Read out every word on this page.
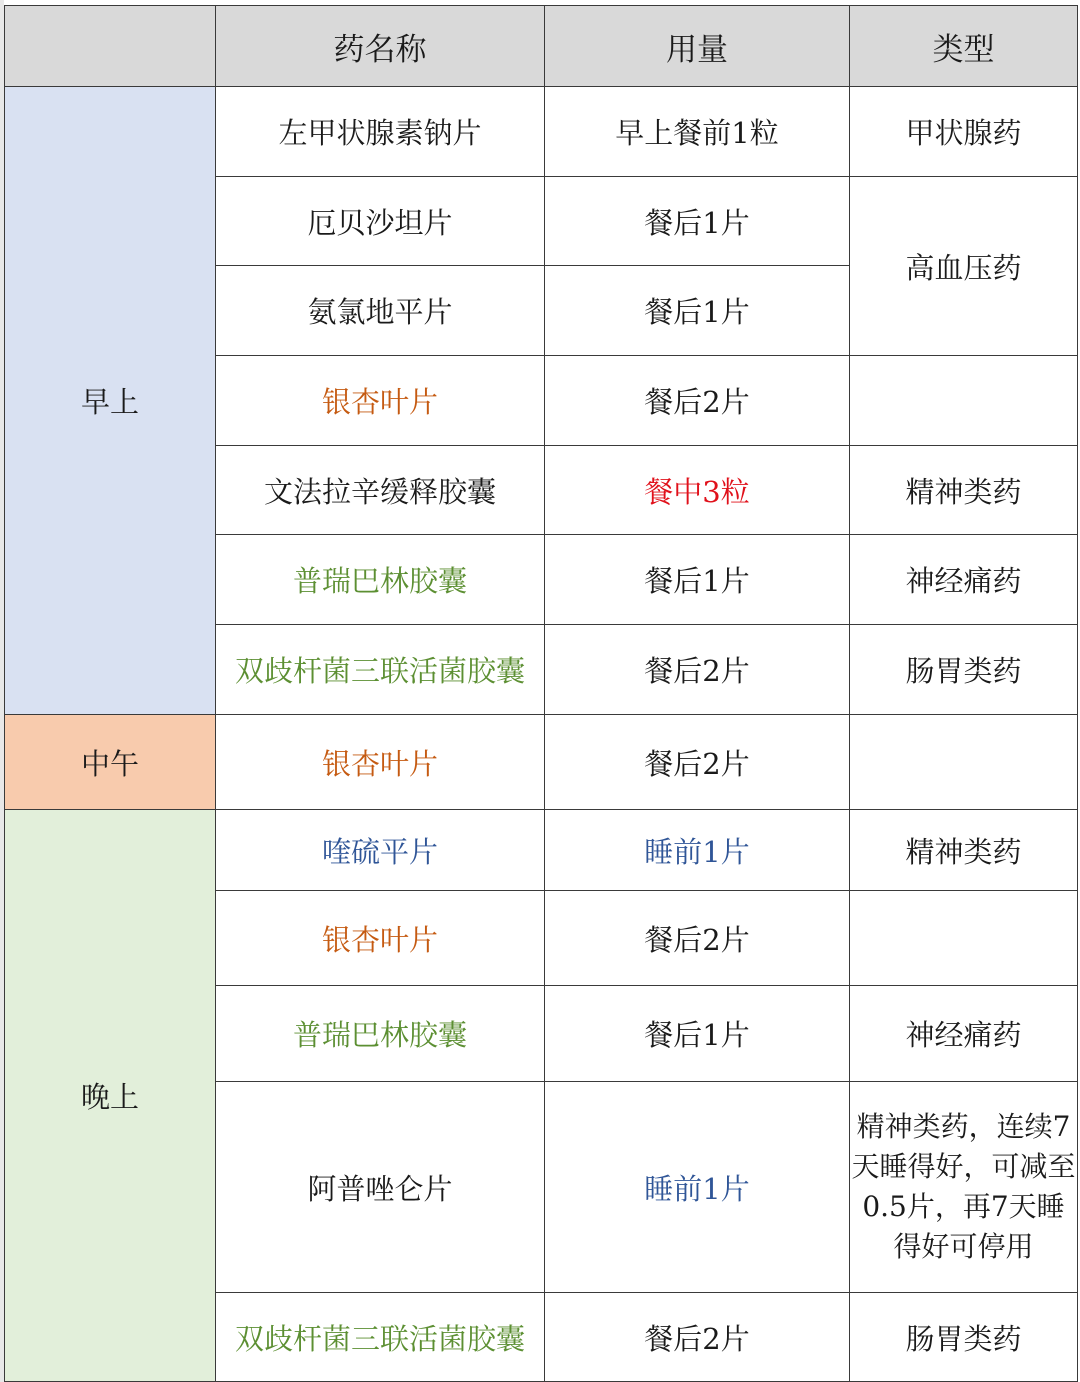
	药名称	用量	类型
早上	左甲状腺素钠片	早上餐前1粒	甲状腺药
	厄贝沙坦片	餐后1片	高血压药
	氨氯地平片	餐后1片	
	银杏叶片	餐后2片	
	文法拉辛缓释胶囊	餐中3粒	精神类药
	普瑞巴林胶囊	餐后1片	神经痛药
	双歧杆菌三联活菌胶囊	餐后2片	肠胃类药
中午	银杏叶片	餐后2片	
晚上	喹硫平片	睡前1片	精神类药
	银杏叶片	餐后2片	
	普瑞巴林胶囊	餐后1片	神经痛药
	阿普唑仑片	睡前1片	精神类药，连续7天睡得好，可减至0.5片，再7天睡得好可停用
	双歧杆菌三联活菌胶囊	餐后2片	肠胃类药
